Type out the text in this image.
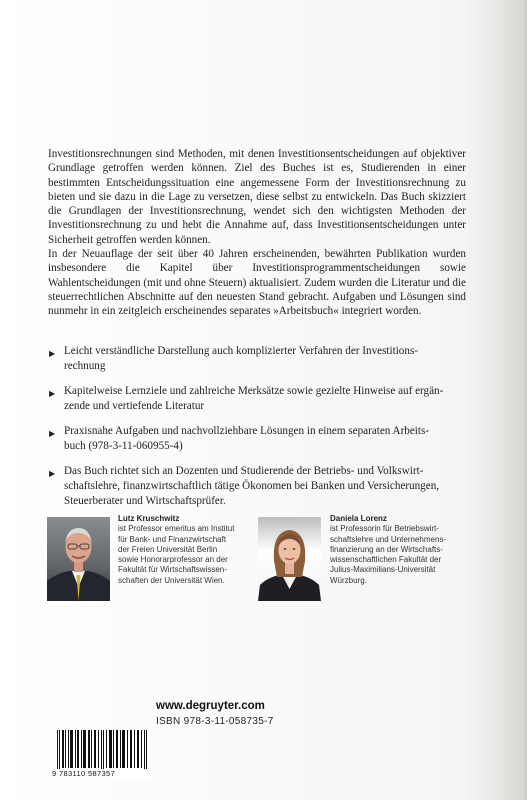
Investitionsrechnungen sind Methoden, mit denen Investitionsentscheidungen auf objektiver Grundlage getroffen werden können. Ziel des Buches ist es, Studierenden in einer bestimmten Entscheidungssituation eine angemessene Form der Investitionsrechnung zu bieten und sie dazu in die Lage zu versetzen, diese selbst zu entwickeln. Das Buch skizziert die Grundlagen der Investitionsrechnung, wendet sich den wichtigsten Methoden der Investitionsrechnung zu und hebt die Annahme auf, dass Investitionsentscheidungen unter Sicherheit getroffen werden können.
In der Neuauflage der seit über 40 Jahren erscheinenden, bewährten Publikation wurden insbesondere die Kapitel über Investitionsprogrammentscheidungen sowie Wahlentscheidungen (mit und ohne Steuern) aktualisiert. Zudem wurden die Literatur und die steuerrechtlichen Abschnitte auf den neuesten Stand gebracht. Aufgaben und Lösungen sind nunmehr in ein zeitgleich erscheinendes separates »Arbeitsbuch« integriert worden.

▶ Leicht verständliche Darstellung auch komplizierter Verfahren der Investitions-
rechnung
▶ Kapitelweise Lernziele und zahlreiche Merksätze sowie gezielte Hinweise auf ergän-
zende und vertiefende Literatur
▶ Praxisnahe Aufgaben und nachvollziehbare Lösungen in einem separaten Arbeits-
buch (978-3-11-060955-4)
▶ Das Buch richtet sich an Dozenten und Studierende der Betriebs- und Volkswirt-
schaftslehre, finanzwirtschaftlich tätige Ökonomen bei Banken und Versicherungen,
Steuerberater und Wirtschaftsprüfer.
Lutz Kruschwitz
ist Professor emeritus am Institut
für Bank- und Finanzwirtschaft
der Freien Universität Berlin
sowie Honorarprofessor an der
Fakultät für Wirtschaftswissen-
schaften der Universität Wien.
Daniela Lorenz
ist Professorin für Betriebswirt-
schaftslehre und Unternehmens-
finanzierung an der Wirtschafts-
wissenschaftlichen Fakultät der
Julius-Maximilians-Universität
Würzburg.
www.degruyter.com
ISBN 978-3-11-058735-7
9 783110 587357
